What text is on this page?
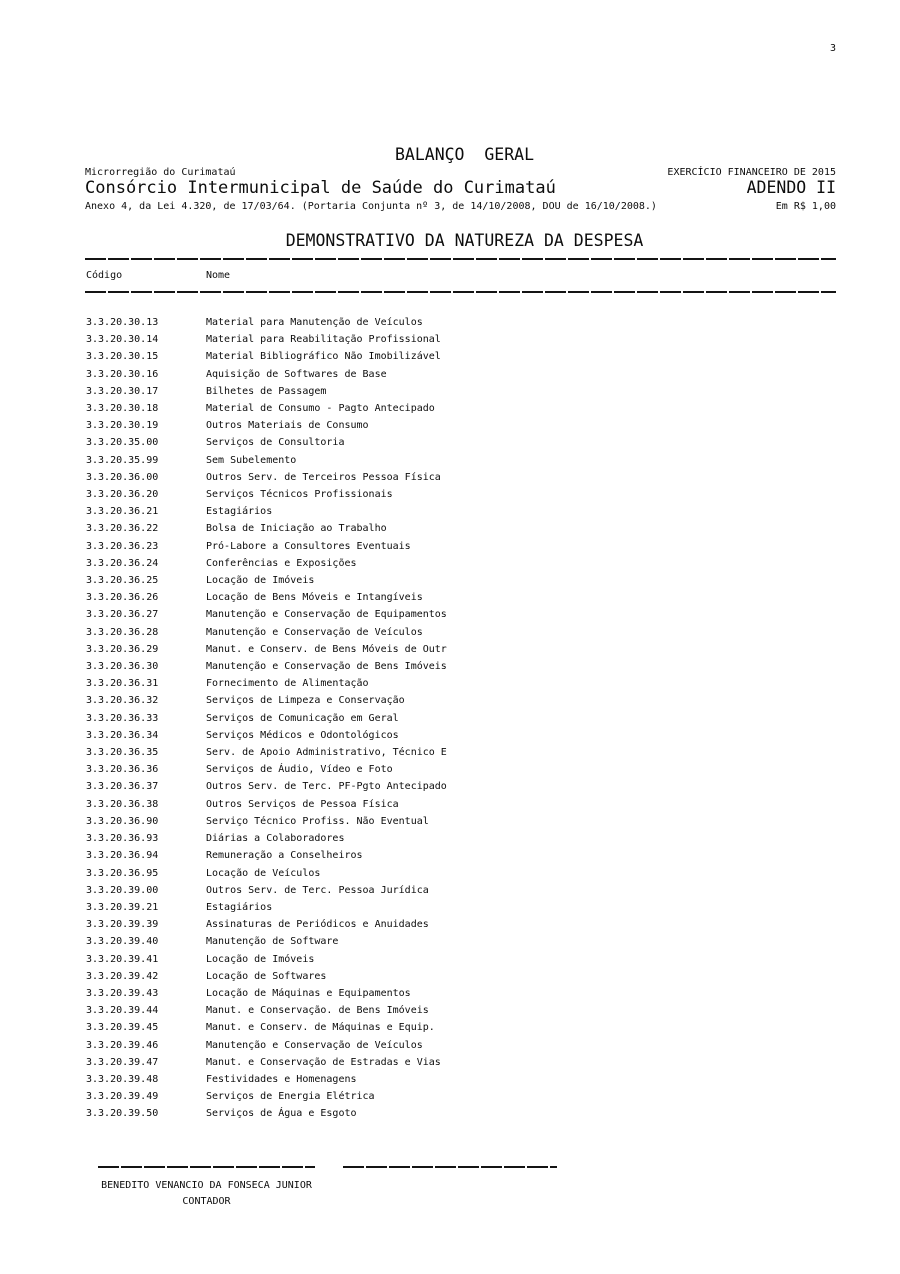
3
BALANÇO  GERAL
Microrregião do Curimataú
Consórcio Intermunicipal de Saúde do Curimataú
Anexo 4, da Lei 4.320, de 17/03/64. (Portaria Conjunta nº 3, de 14/10/2008, DOU de 16/10/2008.)
EXERCÍCIO FINANCEIRO DE 2015
ADENDO II
Em R$ 1,00
DEMONSTRATIVO DA NATUREZA DA DESPESA
Código	Nome
3.3.20.30.13	Material para Manutenção de Veículos
3.3.20.30.14	Material para Reabilitação Profissional
3.3.20.30.15	Material Bibliográfico Não Imobilizável
3.3.20.30.16	Aquisição de Softwares de Base
3.3.20.30.17	Bilhetes de Passagem
3.3.20.30.18	Material de Consumo - Pagto Antecipado
3.3.20.30.19	Outros Materiais de Consumo
3.3.20.35.00	Serviços de Consultoria
3.3.20.35.99	Sem Subelemento
3.3.20.36.00	Outros Serv. de Terceiros Pessoa Física
3.3.20.36.20	Serviços Técnicos Profissionais
3.3.20.36.21	Estagiários
3.3.20.36.22	Bolsa de Iniciação ao Trabalho
3.3.20.36.23	Pró-Labore a Consultores Eventuais
3.3.20.36.24	Conferências e Exposições
3.3.20.36.25	Locação de Imóveis
3.3.20.36.26	Locação de Bens Móveis e Intangíveis
3.3.20.36.27	Manutenção e Conservação de Equipamentos
3.3.20.36.28	Manutenção e Conservação de Veículos
3.3.20.36.29	Manut. e Conserv. de Bens Móveis de Outr
3.3.20.36.30	Manutenção e Conservação de Bens Imóveis
3.3.20.36.31	Fornecimento de Alimentação
3.3.20.36.32	Serviços de Limpeza e Conservação
3.3.20.36.33	Serviços de Comunicação em Geral
3.3.20.36.34	Serviços Médicos e Odontológicos
3.3.20.36.35	Serv. de Apoio Administrativo, Técnico E
3.3.20.36.36	Serviços de Áudio, Vídeo e Foto
3.3.20.36.37	Outros Serv. de Terc. PF-Pgto Antecipado
3.3.20.36.38	Outros Serviços de Pessoa Física
3.3.20.36.90	Serviço Técnico Profiss. Não Eventual
3.3.20.36.93	Diárias a Colaboradores
3.3.20.36.94	Remuneração a Conselheiros
3.3.20.36.95	Locação de Veículos
3.3.20.39.00	Outros Serv. de Terc. Pessoa Jurídica
3.3.20.39.21	Estagiários
3.3.20.39.39	Assinaturas de Periódicos e Anuidades
3.3.20.39.40	Manutenção de Software
3.3.20.39.41	Locação de Imóveis
3.3.20.39.42	Locação de Softwares
3.3.20.39.43	Locação de Máquinas e Equipamentos
3.3.20.39.44	Manut. e Conservação. de Bens Imóveis
3.3.20.39.45	Manut. e Conserv. de Máquinas e Equip.
3.3.20.39.46	Manutenção e Conservação de Veículos
3.3.20.39.47	Manut. e Conservação de Estradas e Vias
3.3.20.39.48	Festividades e Homenagens
3.3.20.39.49	Serviços de Energia Elétrica
3.3.20.39.50	Serviços de Água e Esgoto
BENEDITO VENANCIO DA FONSECA JUNIOR
CONTADOR
